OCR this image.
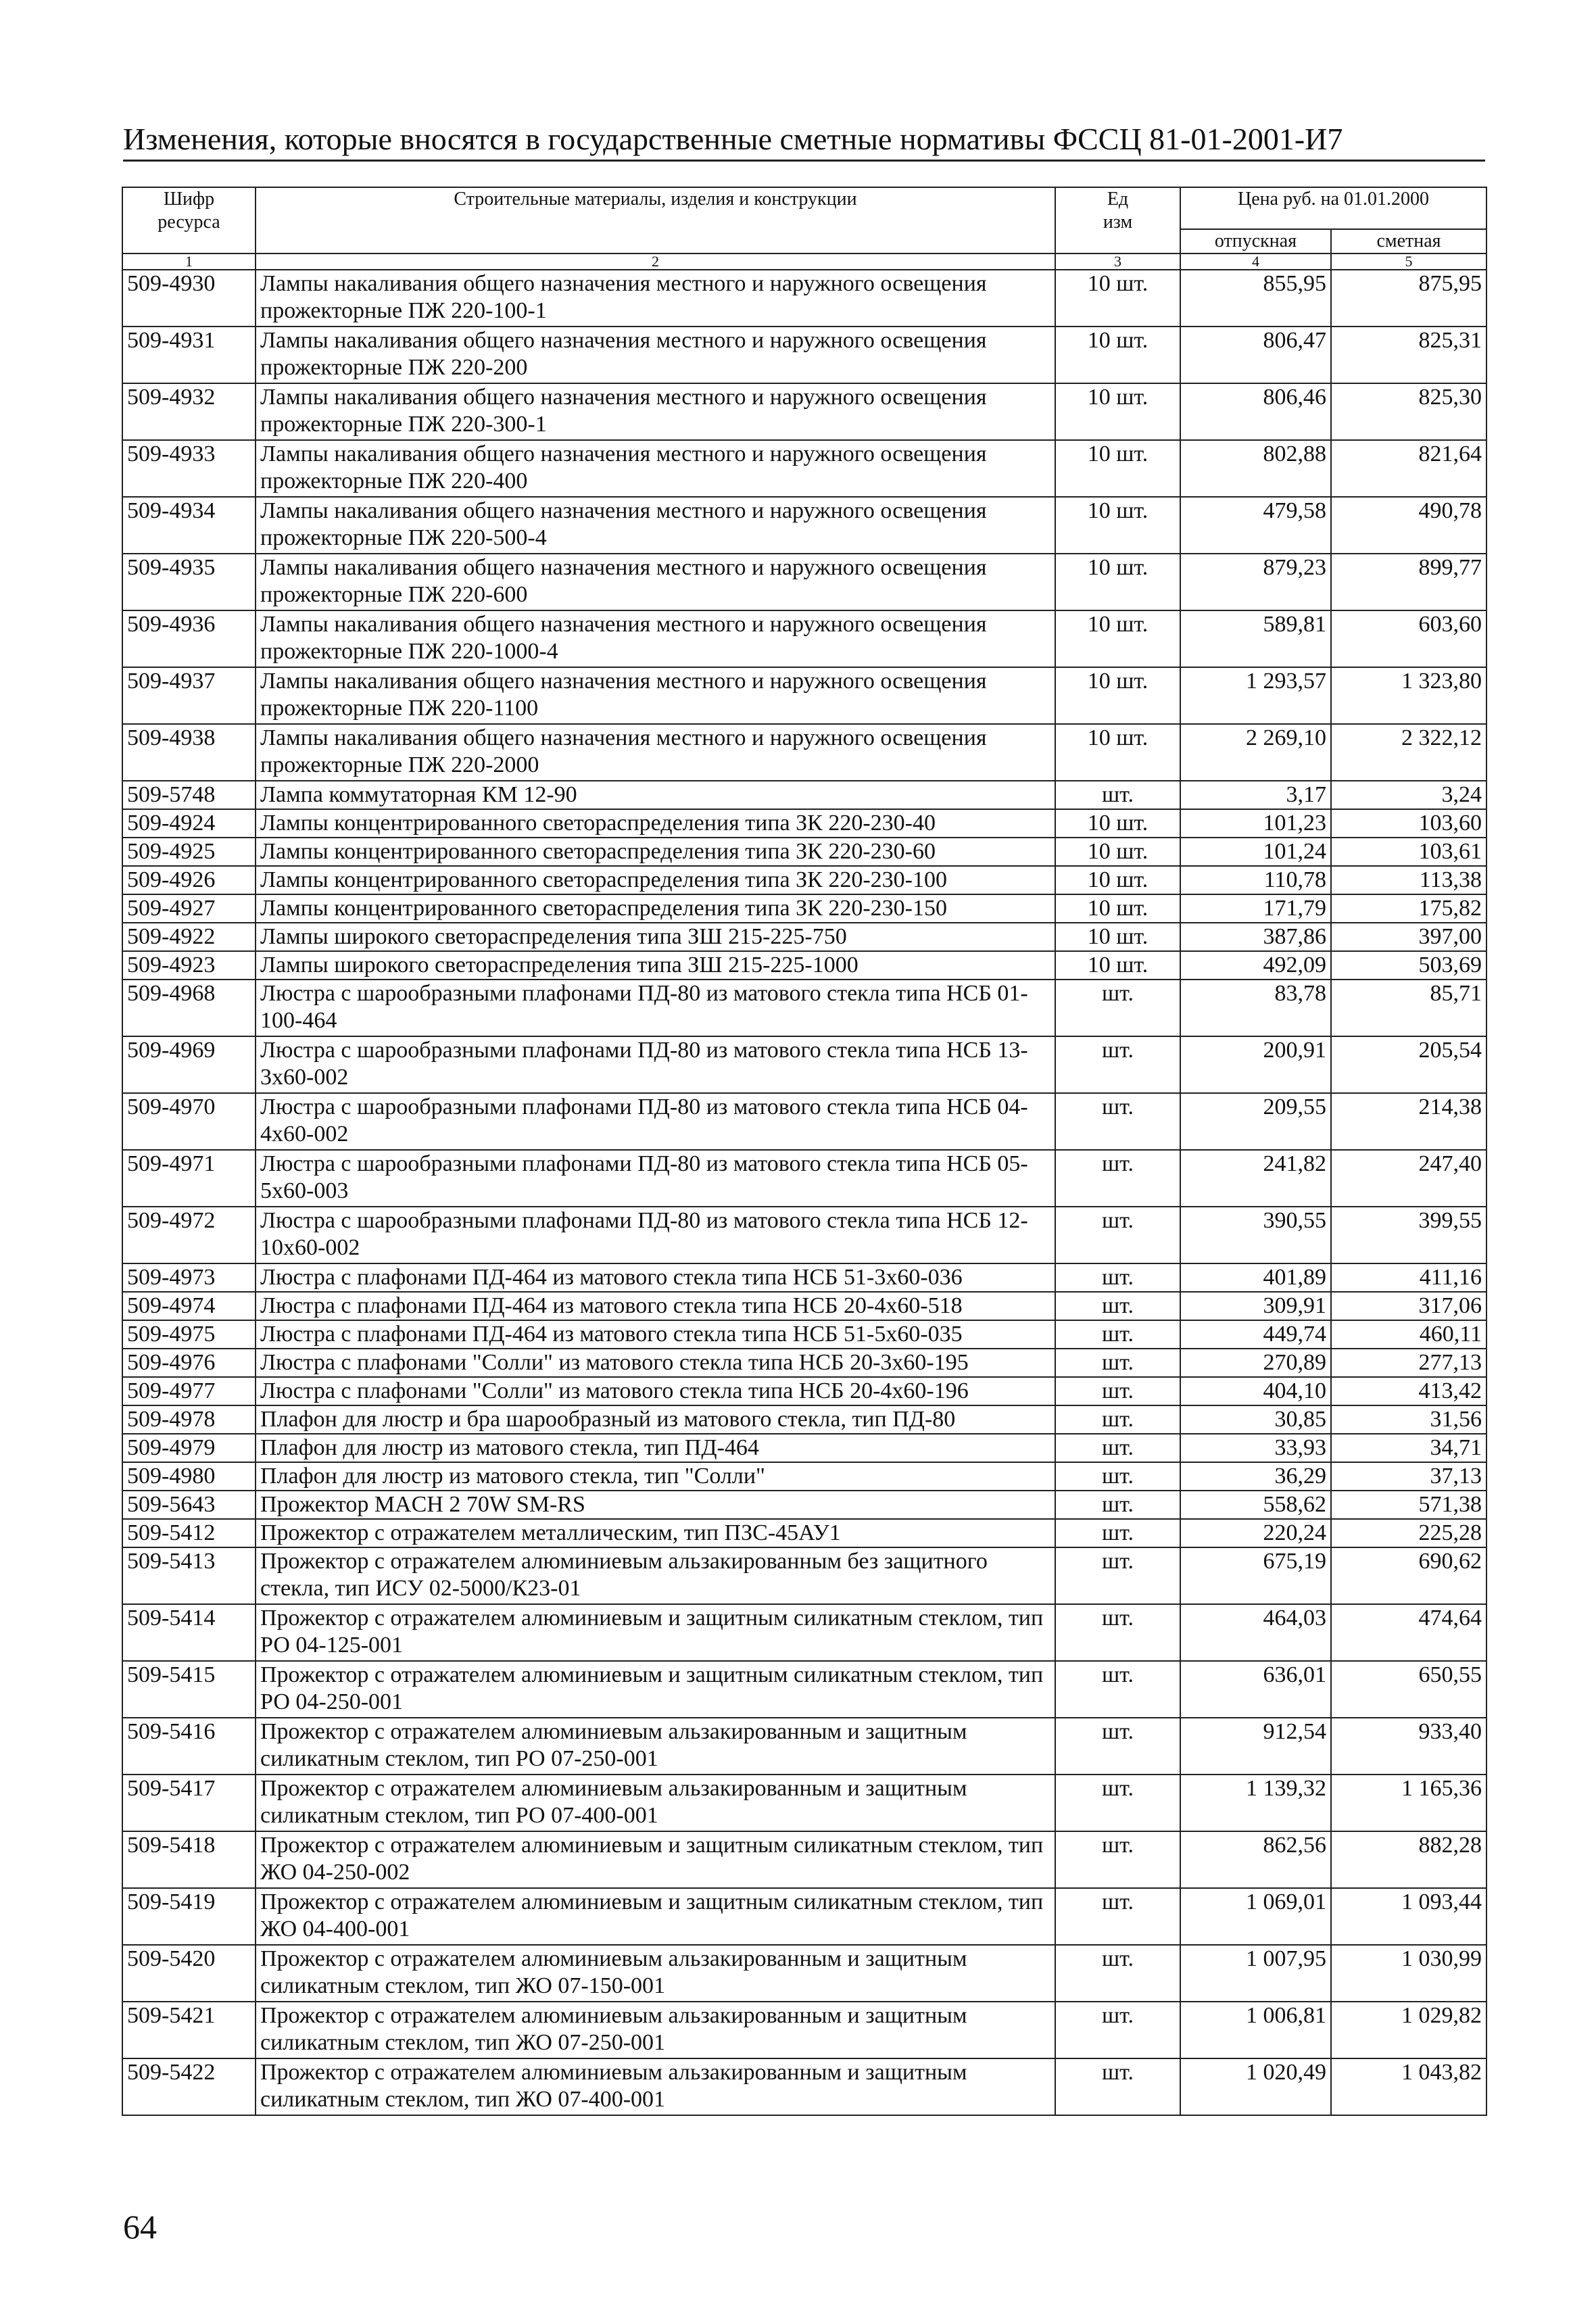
Изменения, которые вносятся в государственные сметные нормативы ФССЦ 81-01-2001-И7
Шифр
ресурса	Строительные материалы, изделия и конструкции	Ед
изм	Цена руб. на 01.01.2000	
			отпускная	сметная
1	2	3	4	5
509-4930	Лампы накаливания общего назначения местного и наружного освещения прожекторные ПЖ 220-100-1	10 шт.	855,95	875,95
509-4931	Лампы накаливания общего назначения местного и наружного освещения прожекторные ПЖ 220-200	10 шт.	806,47	825,31
509-4932	Лампы накаливания общего назначения местного и наружного освещения прожекторные ПЖ 220-300-1	10 шт.	806,46	825,30
509-4933	Лампы накаливания общего назначения местного и наружного освещения прожекторные ПЖ 220-400	10 шт.	802,88	821,64
509-4934	Лампы накаливания общего назначения местного и наружного освещения прожекторные ПЖ 220-500-4	10 шт.	479,58	490,78
509-4935	Лампы накаливания общего назначения местного и наружного освещения прожекторные ПЖ 220-600	10 шт.	879,23	899,77
509-4936	Лампы накаливания общего назначения местного и наружного освещения прожекторные ПЖ 220-1000-4	10 шт.	589,81	603,60
509-4937	Лампы накаливания общего назначения местного и наружного освещения прожекторные ПЖ 220-1100	10 шт.	1 293,57	1 323,80
509-4938	Лампы накаливания общего назначения местного и наружного освещения прожекторные ПЖ 220-2000	10 шт.	2 269,10	2 322,12
509-5748	Лампа коммутаторная КМ 12-90	шт.	3,17	3,24
509-4924	Лампы концентрированного светораспределения типа ЗК 220-230-40	10 шт.	101,23	103,60
509-4925	Лампы концентрированного светораспределения типа ЗК 220-230-60	10 шт.	101,24	103,61
509-4926	Лампы концентрированного светораспределения типа ЗК 220-230-100	10 шт.	110,78	113,38
509-4927	Лампы концентрированного светораспределения типа ЗК 220-230-150	10 шт.	171,79	175,82
509-4922	Лампы широкого светораспределения типа ЗШ 215-225-750	10 шт.	387,86	397,00
509-4923	Лампы широкого светораспределения типа ЗШ 215-225-1000	10 шт.	492,09	503,69
509-4968	Люстра с шарообразными плафонами ПД-80 из матового стекла типа НСБ 01-100-464	шт.	83,78	85,71
509-4969	Люстра с шарообразными плафонами ПД-80 из матового стекла типа НСБ 13-3x60-002	шт.	200,91	205,54
509-4970	Люстра с шарообразными плафонами ПД-80 из матового стекла типа НСБ 04-4x60-002	шт.	209,55	214,38
509-4971	Люстра с шарообразными плафонами ПД-80 из матового стекла типа НСБ 05-5x60-003	шт.	241,82	247,40
509-4972	Люстра с шарообразными плафонами ПД-80 из матового стекла типа НСБ 12-10x60-002	шт.	390,55	399,55
509-4973	Люстра с плафонами ПД-464 из матового стекла типа НСБ 51-3x60-036	шт.	401,89	411,16
509-4974	Люстра с плафонами ПД-464 из матового стекла типа НСБ 20-4x60-518	шт.	309,91	317,06
509-4975	Люстра с плафонами ПД-464 из матового стекла типа НСБ 51-5x60-035	шт.	449,74	460,11
509-4976	Люстра с плафонами "Солли" из матового стекла типа НСБ 20-3x60-195	шт.	270,89	277,13
509-4977	Люстра с плафонами "Солли" из матового стекла типа НСБ 20-4x60-196	шт.	404,10	413,42
509-4978	Плафон для люстр и бра шарообразный из матового стекла, тип ПД-80	шт.	30,85	31,56
509-4979	Плафон для люстр из матового стекла, тип ПД-464	шт.	33,93	34,71
509-4980	Плафон для люстр из матового стекла, тип "Солли"	шт.	36,29	37,13
509-5643	Прожектор MACH 2 70W SM-RS	шт.	558,62	571,38
509-5412	Прожектор с отражателем металлическим, тип ПЗС-45АУ1	шт.	220,24	225,28
509-5413	Прожектор с отражателем алюминиевым альзакированным без защитного стекла, тип ИСУ 02-5000/К23-01	шт.	675,19	690,62
509-5414	Прожектор с отражателем алюминиевым и защитным силикатным стеклом, тип РО 04-125-001	шт.	464,03	474,64
509-5415	Прожектор с отражателем алюминиевым и защитным силикатным стеклом, тип РО 04-250-001	шт.	636,01	650,55
509-5416	Прожектор с отражателем алюминиевым альзакированным и защитным силикатным стеклом, тип РО 07-250-001	шт.	912,54	933,40
509-5417	Прожектор с отражателем алюминиевым альзакированным и защитным силикатным стеклом, тип РО 07-400-001	шт.	1 139,32	1 165,36
509-5418	Прожектор с отражателем алюминиевым и защитным силикатным стеклом, тип ЖО 04-250-002	шт.	862,56	882,28
509-5419	Прожектор с отражателем алюминиевым и защитным силикатным стеклом, тип ЖО 04-400-001	шт.	1 069,01	1 093,44
509-5420	Прожектор с отражателем алюминиевым альзакированным и защитным силикатным стеклом, тип ЖО 07-150-001	шт.	1 007,95	1 030,99
509-5421	Прожектор с отражателем алюминиевым альзакированным и защитным силикатным стеклом, тип ЖО 07-250-001	шт.	1 006,81	1 029,82
509-5422	Прожектор с отражателем алюминиевым альзакированным и защитным силикатным стеклом, тип ЖО 07-400-001	шт.	1 020,49	1 043,82
64
